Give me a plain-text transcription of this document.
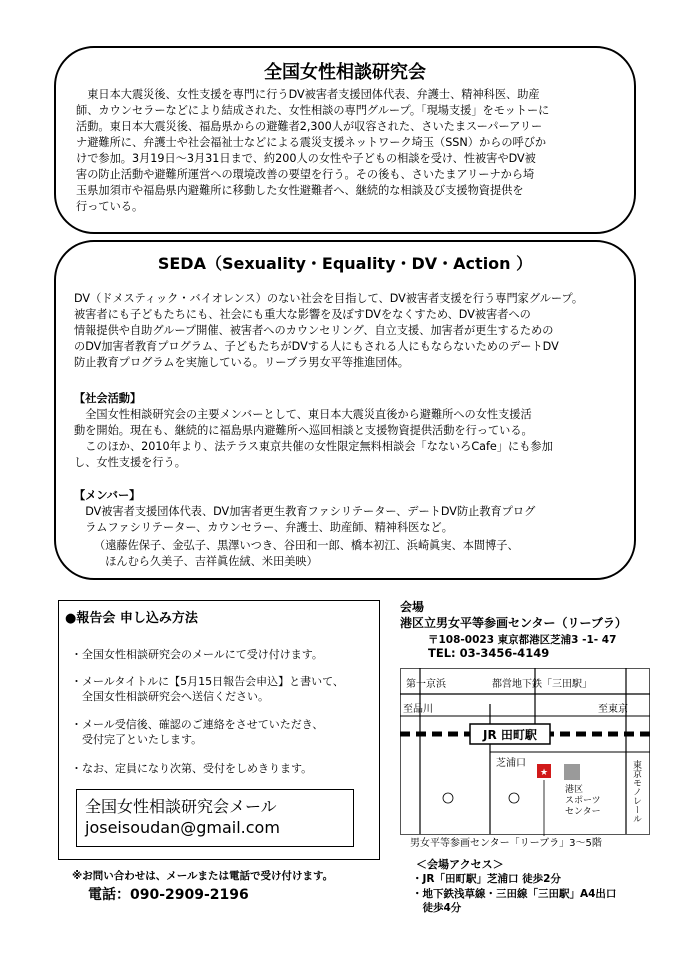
全国女性相談研究会
　東日本大震災後、女性支援を専門に行うDV被害者支援団体代表、弁護士、精神科医、助産
師、カウンセラーなどにより結成された、女性相談の専門グループ。「現場支援」をモットーに
活動。東日本大震災後、福島県からの避難者2,300人が収容された、さいたまスーパーアリー
ナ避難所に、弁護士や社会福祉士などによる震災支援ネットワーク埼玉（SSN）からの呼びか
けで参加。3月19日～3月31日まで、約200人の女性や子どもの相談を受け、性被害やDV被
害の防止活動や避難所運営への環境改善の要望を行う。その後も、さいたまアリーナから埼
玉県加須市や福島県内避難所に移動した女性避難者へ、継続的な相談及び支援物資提供を
行っている。
SEDA（Sexuality・Equality・DV・Action ）
DV（ドメスティック・バイオレンス）のない社会を目指して、DV被害者支援を行う専門家グループ。
被害者にも子どもたちにも、社会にも重大な影響を及ぼすDVをなくすため、DV被害者への
情報提供や自助グループ開催、被害者へのカウンセリング、自立支援、加害者が更生するための
のDV加害者教育プログラム、子どもたちがDVする人にもされる人にもならないためのデートDV
防止教育プログラムを実施している。リーブラ男女平等推進団体。
【社会活動】
　全国女性相談研究会の主要メンバーとして、東日本大震災直後から避難所への女性支援活
動を開始。現在も、継続的に福島県内避難所へ巡回相談と支援物資提供活動を行っている。
　このほか、2010年より、法テラス東京共催の女性限定無料相談会「なないろCafe」にも参加
し、女性支援を行う。
【メンバー】
　DV被害者支援団体代表、DV加害者更生教育ファシリテーター、デートDV防止教育プログ
　ラムファシリテーター、カウンセラー、弁護士、助産師、精神科医など。
（遠藤佐保子、金弘子、黒澤いつき、谷田和一郎、橋本初江、浜崎眞実、本間博子、
　ほんむら久美子、吉祥眞佐絨、米田美映）
●報告会 申し込み方法
・全国女性相談研究会のメールにて受け付けます。
・メールタイトルに【5月15日報告会申込】と書いて、
　全国女性相談研究会へ送信ください。
・メール受信後、確認のご連絡をさせていただき、
　受付完了といたします。
・なお、定員になり次第、受付をしめきります。
全国女性相談研究会メール
joseisoudan@gmail.com
※お問い合わせは、メールまたは電話で受け付けます。
電話：090-2909-2196
会場
港区立男女平等参画センター（リーブラ）
〒108-0023 東京都港区芝浦3 -1- 47
TEL: 03-3456-4149
JR 田町駅
第一京浜	都営地下鉄「三田駅」
至品川	至東京
芝浦口
★
港区 スポーツ センター	東京モノレール
男女平等参画センター「リーブラ」3～5階
＜会場アクセス＞
・JR「田町駅」芝浦口 徒歩2分
・地下鉄浅草線・三田線「三田駅」A4出口
　徒歩4分
